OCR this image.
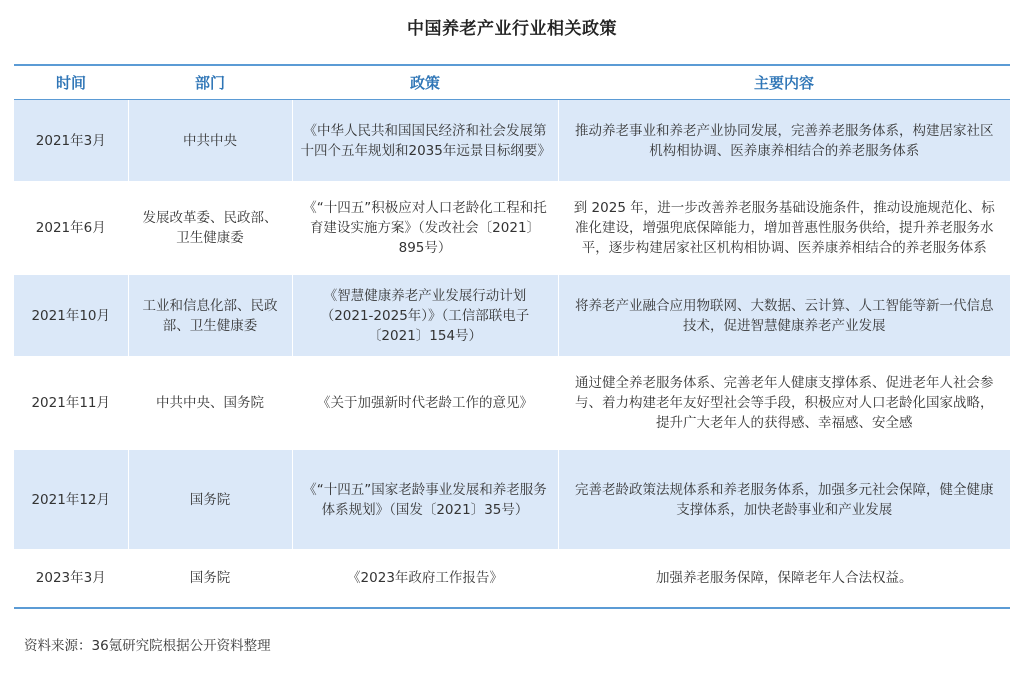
中国养老产业行业相关政策
时间	部门	政策	主要内容
2021年3月	中共中央	《中华人民共和国国民经济和社会发展第十四个五年规划和2035年远景目标纲要》	推动养老事业和养老产业协同发展，完善养老服务体系，构建居家社区机构相协调、医养康养相结合的养老服务体系
2021年6月	发展改革委、民政部、卫生健康委	《“十四五”积极应对人口老龄化工程和托育建设实施方案》（发改社会〔2021〕895号）	到 2025 年，进一步改善养老服务基础设施条件，推动设施规范化、标准化建设，增强兜底保障能力，增加普惠性服务供给，提升养老服务水平，逐步构建居家社区机构相协调、医养康养相结合的养老服务体系
2021年10月	工业和信息化部、民政部、卫生健康委	《智慧健康养老产业发展行动计划（2021-2025年）》（工信部联电子〔2021〕154号）	将养老产业融合应用物联网、大数据、云计算、人工智能等新一代信息技术，促进智慧健康养老产业发展
2021年11月	中共中央、国务院	《关于加强新时代老龄工作的意见》	通过健全养老服务体系、完善老年人健康支撑体系、促进老年人社会参与、着力构建老年友好型社会等手段，积极应对人口老龄化国家战略，提升广大老年人的获得感、幸福感、安全感
2021年12月	国务院	《“十四五”国家老龄事业发展和养老服务体系规划》（国发〔2021〕35号）	完善老龄政策法规体系和养老服务体系，加强多元社会保障，健全健康支撑体系，加快老龄事业和产业发展
2023年3月	国务院	《2023年政府工作报告》	加强养老服务保障，保障老年人合法权益。
资料来源：36氪研究院根据公开资料整理
